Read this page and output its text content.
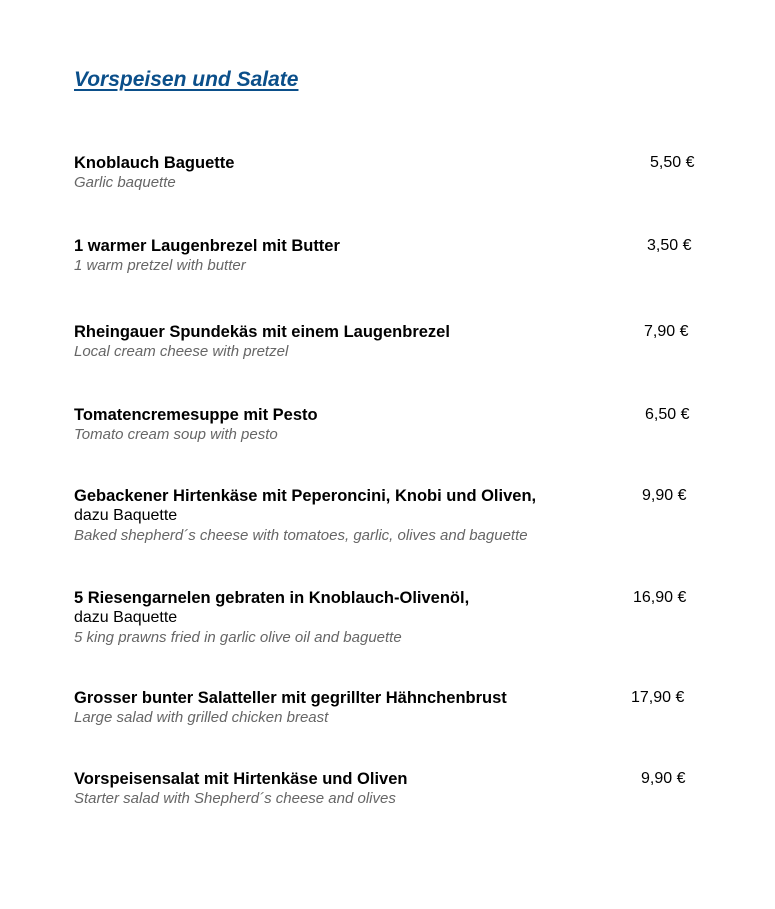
Vorspeisen und Salate
Knoblauch Baguette
Garlic baquette
5,50 €
1 warmer Laugenbrezel mit Butter
1 warm pretzel with butter
3,50 €
Rheingauer Spundekäs mit einem Laugenbrezel
Local cream cheese with pretzel
7,90 €
Tomatencremesuppe mit Pesto
Tomato cream soup with pesto
6,50 €
Gebackener Hirtenkäse mit Peperoncini, Knobi und Oliven,
dazu Baquette
Baked shepherd´s cheese with tomatoes, garlic, olives and baguette
9,90 €
5 Riesengarnelen gebraten in Knoblauch-Olivenöl,
dazu Baquette
5 king prawns fried in garlic olive oil and baguette
16,90 €
Grosser bunter Salatteller mit gegrillter Hähnchenbrust
Large salad with grilled chicken breast
17,90 €
Vorspeisensalat mit Hirtenkäse und Oliven
Starter salad with Shepherd´s cheese and olives
9,90 €
